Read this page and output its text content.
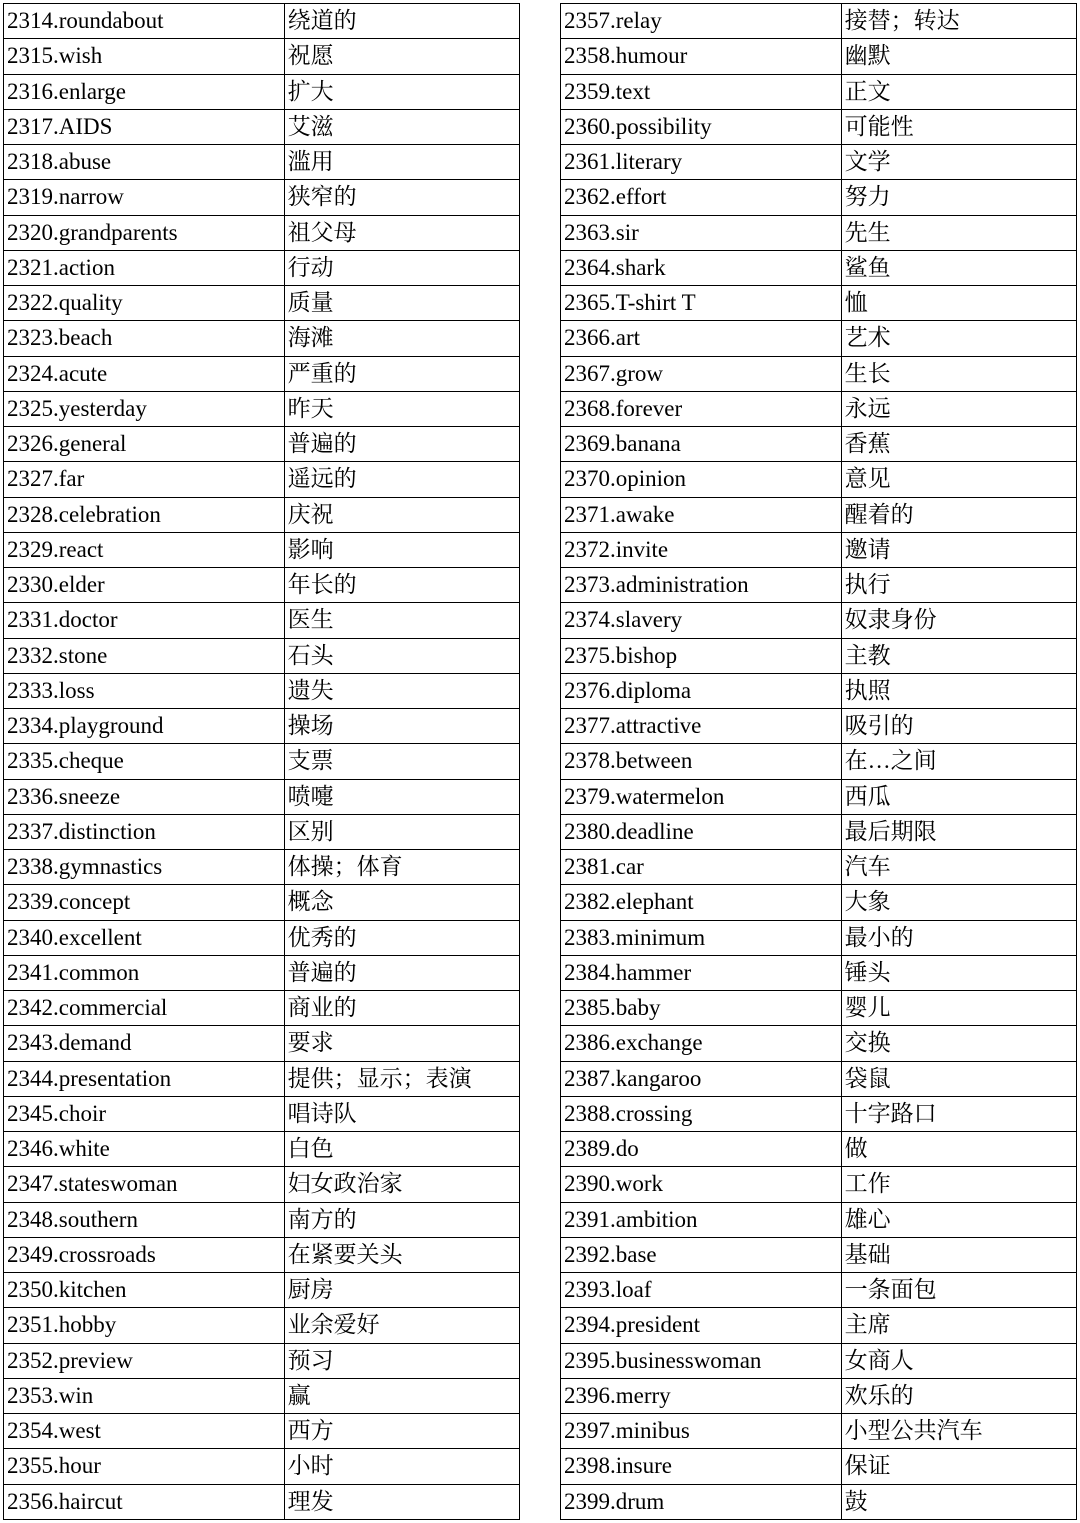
2314.roundabout	绕道的
2315.wish	祝愿
2316.enlarge	扩大
2317.AIDS	艾滋
2318.abuse	滥用
2319.narrow	狭窄的
2320.grandparents	祖父母
2321.action	行动
2322.quality	质量
2323.beach	海滩
2324.acute	严重的
2325.yesterday	昨天
2326.general	普遍的
2327.far	遥远的
2328.celebration	庆祝
2329.react	影响
2330.elder	年长的
2331.doctor	医生
2332.stone	石头
2333.loss	遗失
2334.playground	操场
2335.cheque	支票
2336.sneeze	喷嚏
2337.distinction	区别
2338.gymnastics	体操；体育
2339.concept	概念
2340.excellent	优秀的
2341.common	普遍的
2342.commercial	商业的
2343.demand	要求
2344.presentation	提供；显示；表演
2345.choir	唱诗队
2346.white	白色
2347.stateswoman	妇女政治家
2348.southern	南方的
2349.crossroads	在紧要关头
2350.kitchen	厨房
2351.hobby	业余爱好
2352.preview	预习
2353.win	赢
2354.west	西方
2355.hour	小时
2356.haircut	理发
2357.relay	接替；转达
2358.humour	幽默
2359.text	正文
2360.possibility	可能性
2361.literary	文学
2362.effort	努力
2363.sir	先生
2364.shark	鲨鱼
2365.T-shirt T	恤
2366.art	艺术
2367.grow	生长
2368.forever	永远
2369.banana	香蕉
2370.opinion	意见
2371.awake	醒着的
2372.invite	邀请
2373.administration	执行
2374.slavery	奴隶身份
2375.bishop	主教
2376.diploma	执照
2377.attractive	吸引的
2378.between	在…之间
2379.watermelon	西瓜
2380.deadline	最后期限
2381.car	汽车
2382.elephant	大象
2383.minimum	最小的
2384.hammer	锤头
2385.baby	婴儿
2386.exchange	交换
2387.kangaroo	袋鼠
2388.crossing	十字路口
2389.do	做
2390.work	工作
2391.ambition	雄心
2392.base	基础
2393.loaf	一条面包
2394.president	主席
2395.businesswoman	女商人
2396.merry	欢乐的
2397.minibus	小型公共汽车
2398.insure	保证
2399.drum	鼓
